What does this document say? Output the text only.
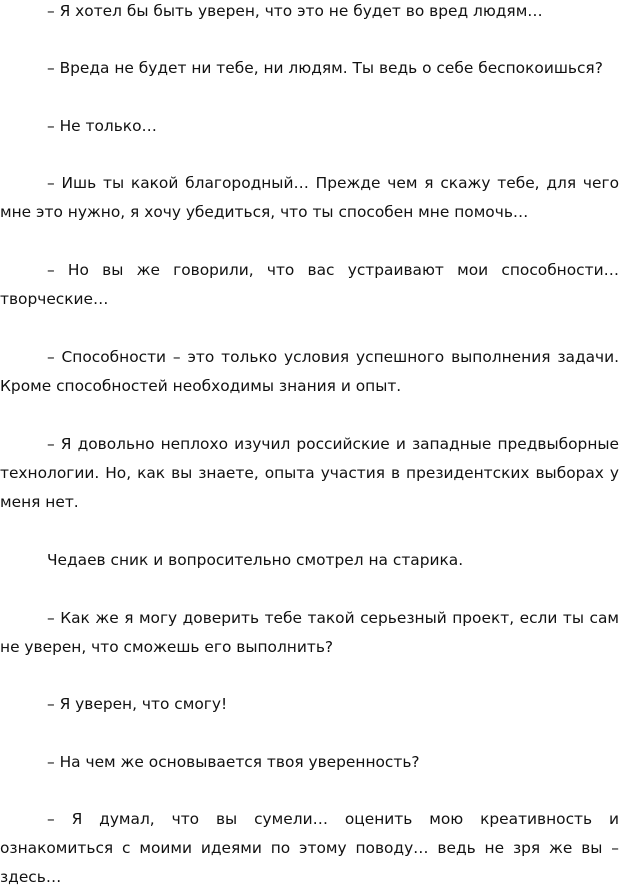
– Я хотел бы быть уверен, что это не будет во вред людям…

– Вреда не будет ни тебе, ни людям. Ты ведь о себе беспокоишься?

– Не только…

– Ишь ты какой благородный… Прежде чем я скажу тебе, для чего мне это нужно, я хочу убедиться, что ты способен мне помочь…

– Но вы же говорили, что вас устраивают мои способности… творческие…

– Способности – это только условия успешного выполнения задачи. Кроме способностей необходимы знания и опыт.

– Я довольно неплохо изучил российские и западные предвыборные технологии. Но, как вы знаете, опыта участия в президентских выборах у меня нет.

Чедаев сник и вопросительно смотрел на старика.

– Как же я могу доверить тебе такой серьезный проект, если ты сам не уверен, что сможешь его выполнить?

– Я уверен, что смогу!

– На чем же основывается твоя уверенность?

– Я думал, что вы сумели… оценить мою креативность и ознакомиться с моими идеями по этому поводу… ведь не зря же вы – здесь…
